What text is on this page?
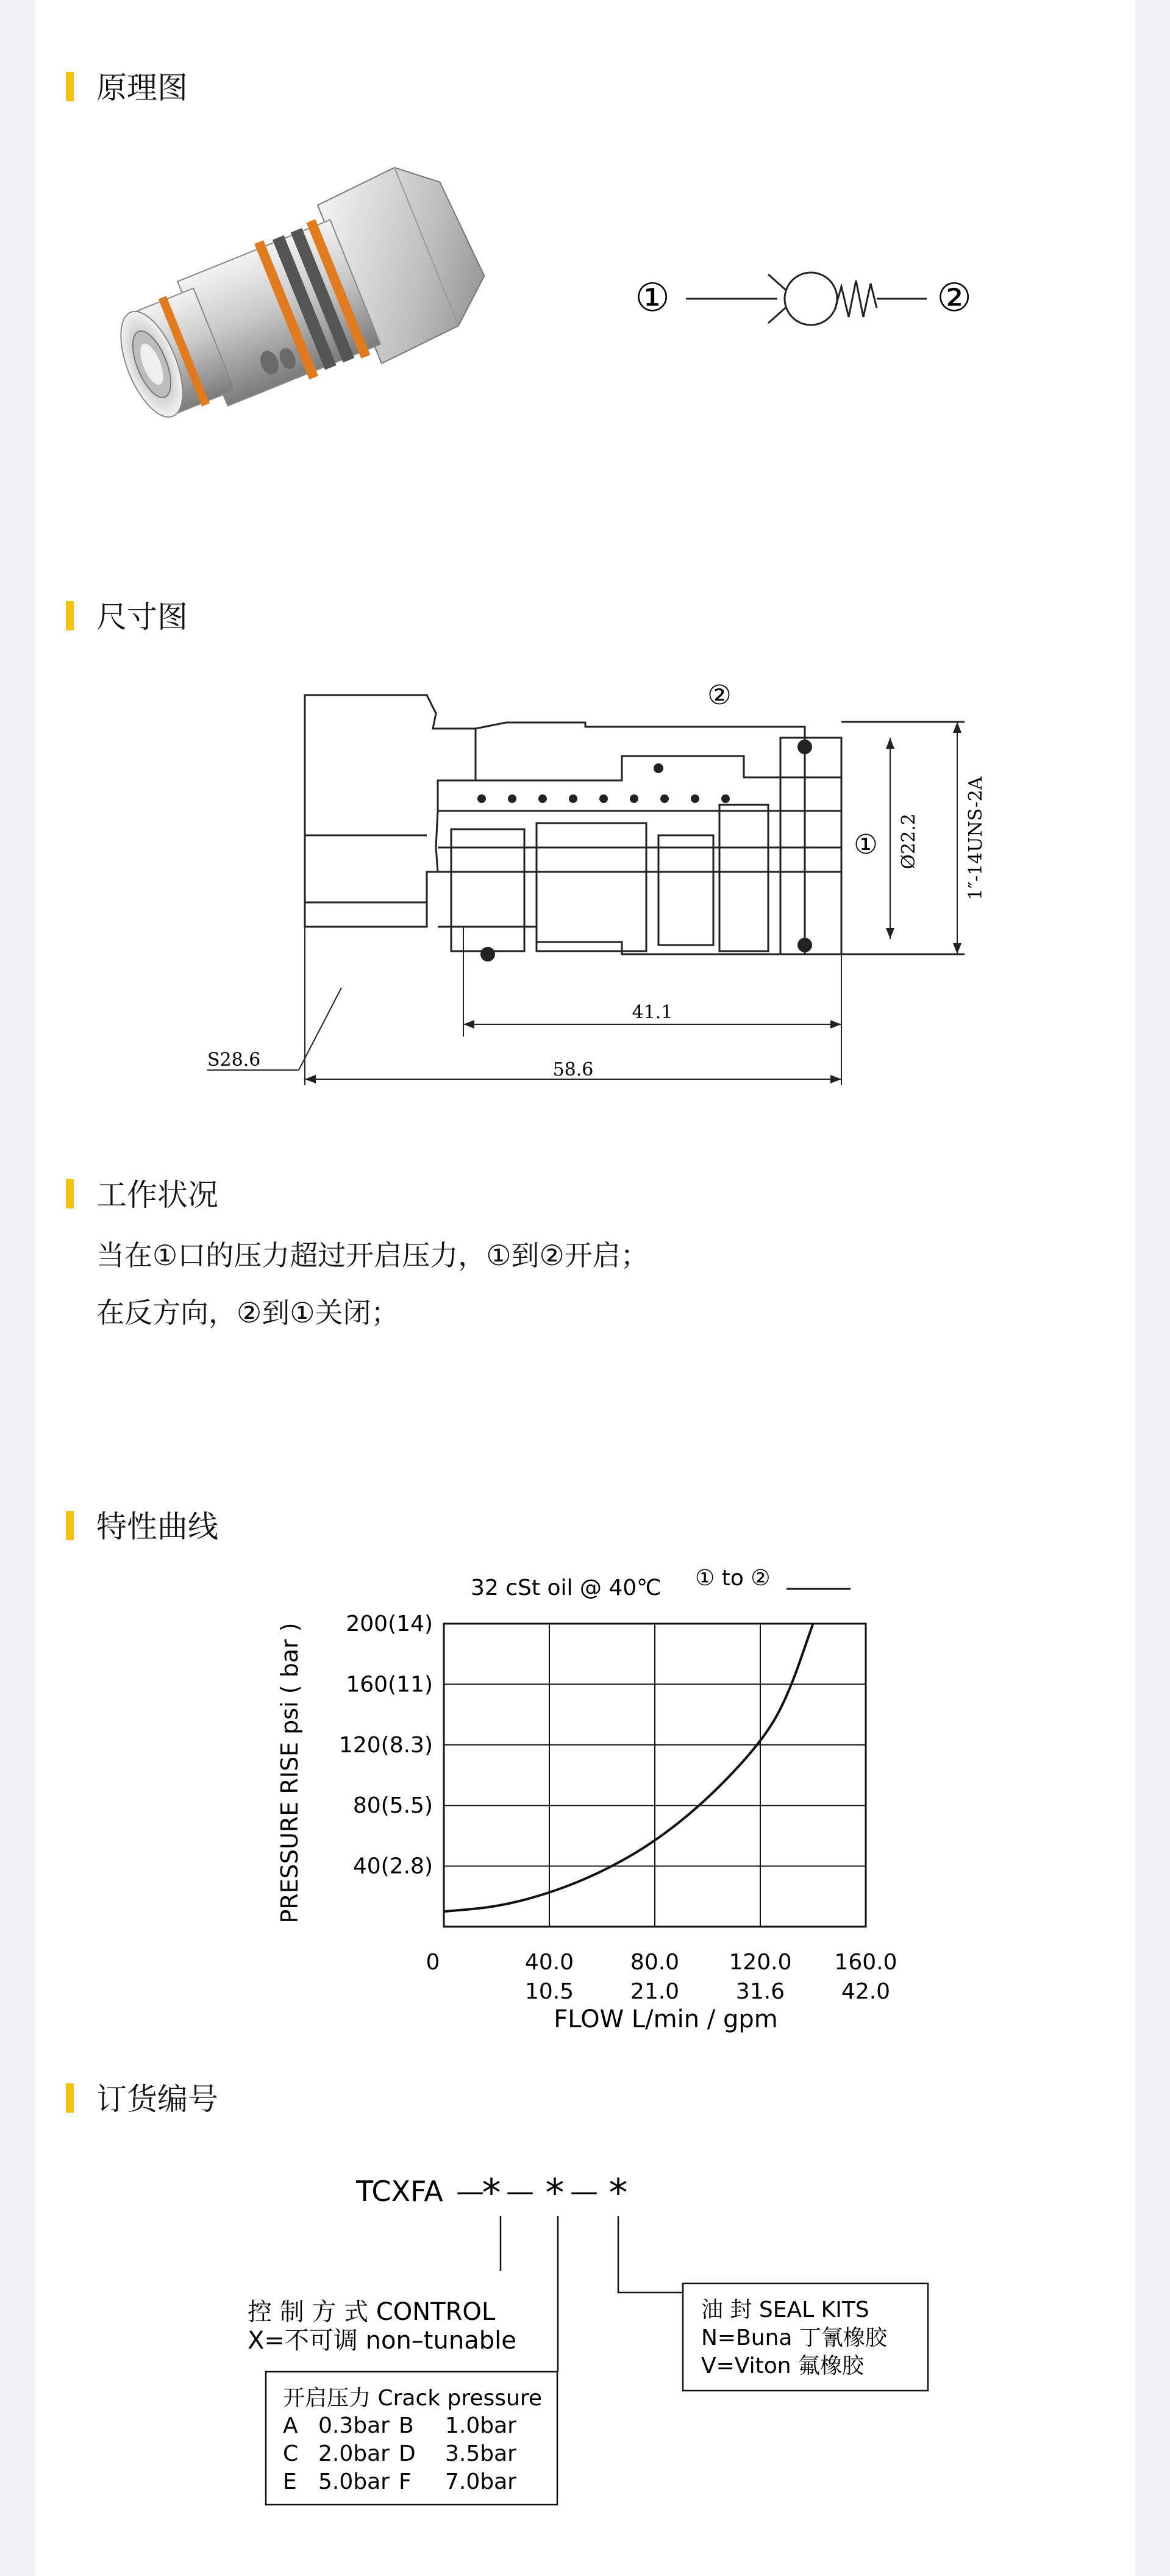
原理图
①	②
尺寸图
②
①
41.1
58.6
S28.6
Ø22.2	1″-14UNS-2A
工作状况
当在①口的压力超过开启压力，①到②开启；
在反方向，②到①关闭；
特性曲线
32 cSt oil @ 40℃ ① to ②
PRESSURE RISE psi ( bar )
FLOW L/min / gpm
0	40.0
10.5
80.0
21.0
120.0
31.6
160.0
42.0
40(2.8)
80(5.5)
120(8.3)
160(11)
200(14)
订货编号
TCXFA —
* — * — *
控 制 方 式 CONTROL
X=不可调 non–tunable
开启压力 Crack pressure
A 0.3bar B 1.0bar
C 2.0bar D 3.5bar
E 5.0bar F 7.0bar
油 封 SEAL KITS
N=Buna 丁氰橡胶
V=Viton 氟橡胶
